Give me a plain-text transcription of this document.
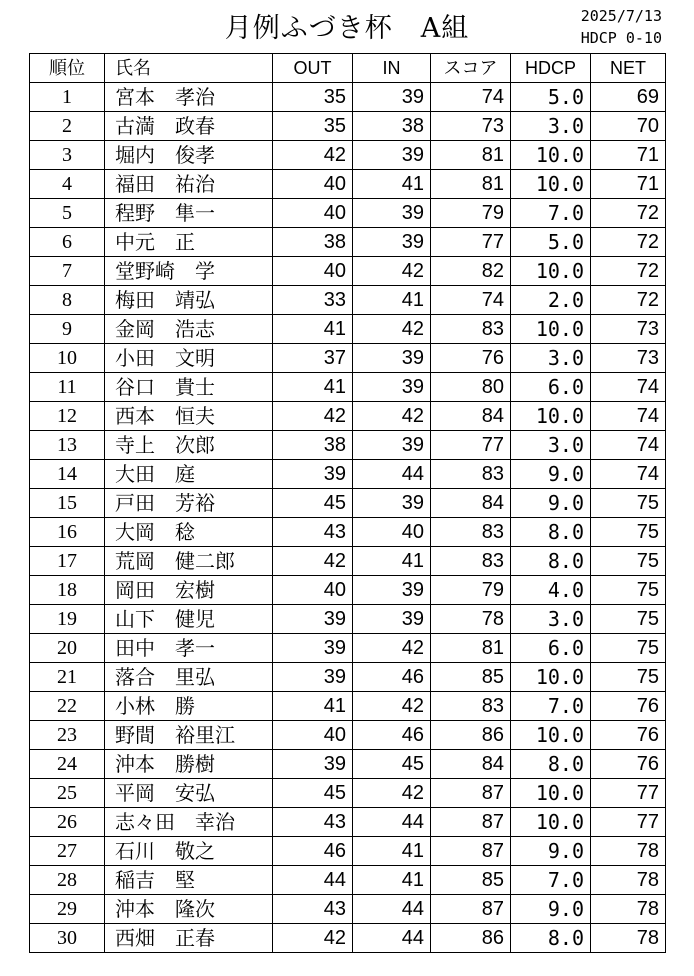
月例ふづき杯　A組	2025/7/13
HDCP 0-10
順位	氏名	OUT	IN	スコア	HDCP	NET
1	宮本　孝治	35	39	74	5.0	69
2	古満　政春	35	38	73	3.0	70
3	堀内　俊孝	42	39	81	10.0	71
4	福田　祐治	40	41	81	10.0	71
5	程野　隼一	40	39	79	7.0	72
6	中元　正	38	39	77	5.0	72
7	堂野崎　学	40	42	82	10.0	72
8	梅田　靖弘	33	41	74	2.0	72
9	金岡　浩志	41	42	83	10.0	73
10	小田　文明	37	39	76	3.0	73
11	谷口　貴士	41	39	80	6.0	74
12	西本　恒夫	42	42	84	10.0	74
13	寺上　次郎	38	39	77	3.0	74
14	大田　庭	39	44	83	9.0	74
15	戸田　芳裕	45	39	84	9.0	75
16	大岡　稔	43	40	83	8.0	75
17	荒岡　健二郎	42	41	83	8.0	75
18	岡田　宏樹	40	39	79	4.0	75
19	山下　健児	39	39	78	3.0	75
20	田中　孝一	39	42	81	6.0	75
21	落合　里弘	39	46	85	10.0	75
22	小林　勝	41	42	83	7.0	76
23	野間　裕里江	40	46	86	10.0	76
24	沖本　勝樹	39	45	84	8.0	76
25	平岡　安弘	45	42	87	10.0	77
26	志々田　幸治	43	44	87	10.0	77
27	石川　敬之	46	41	87	9.0	78
28	稲吉　堅	44	41	85	7.0	78
29	沖本　隆次	43	44	87	9.0	78
30	西畑　正春	42	44	86	8.0	78
